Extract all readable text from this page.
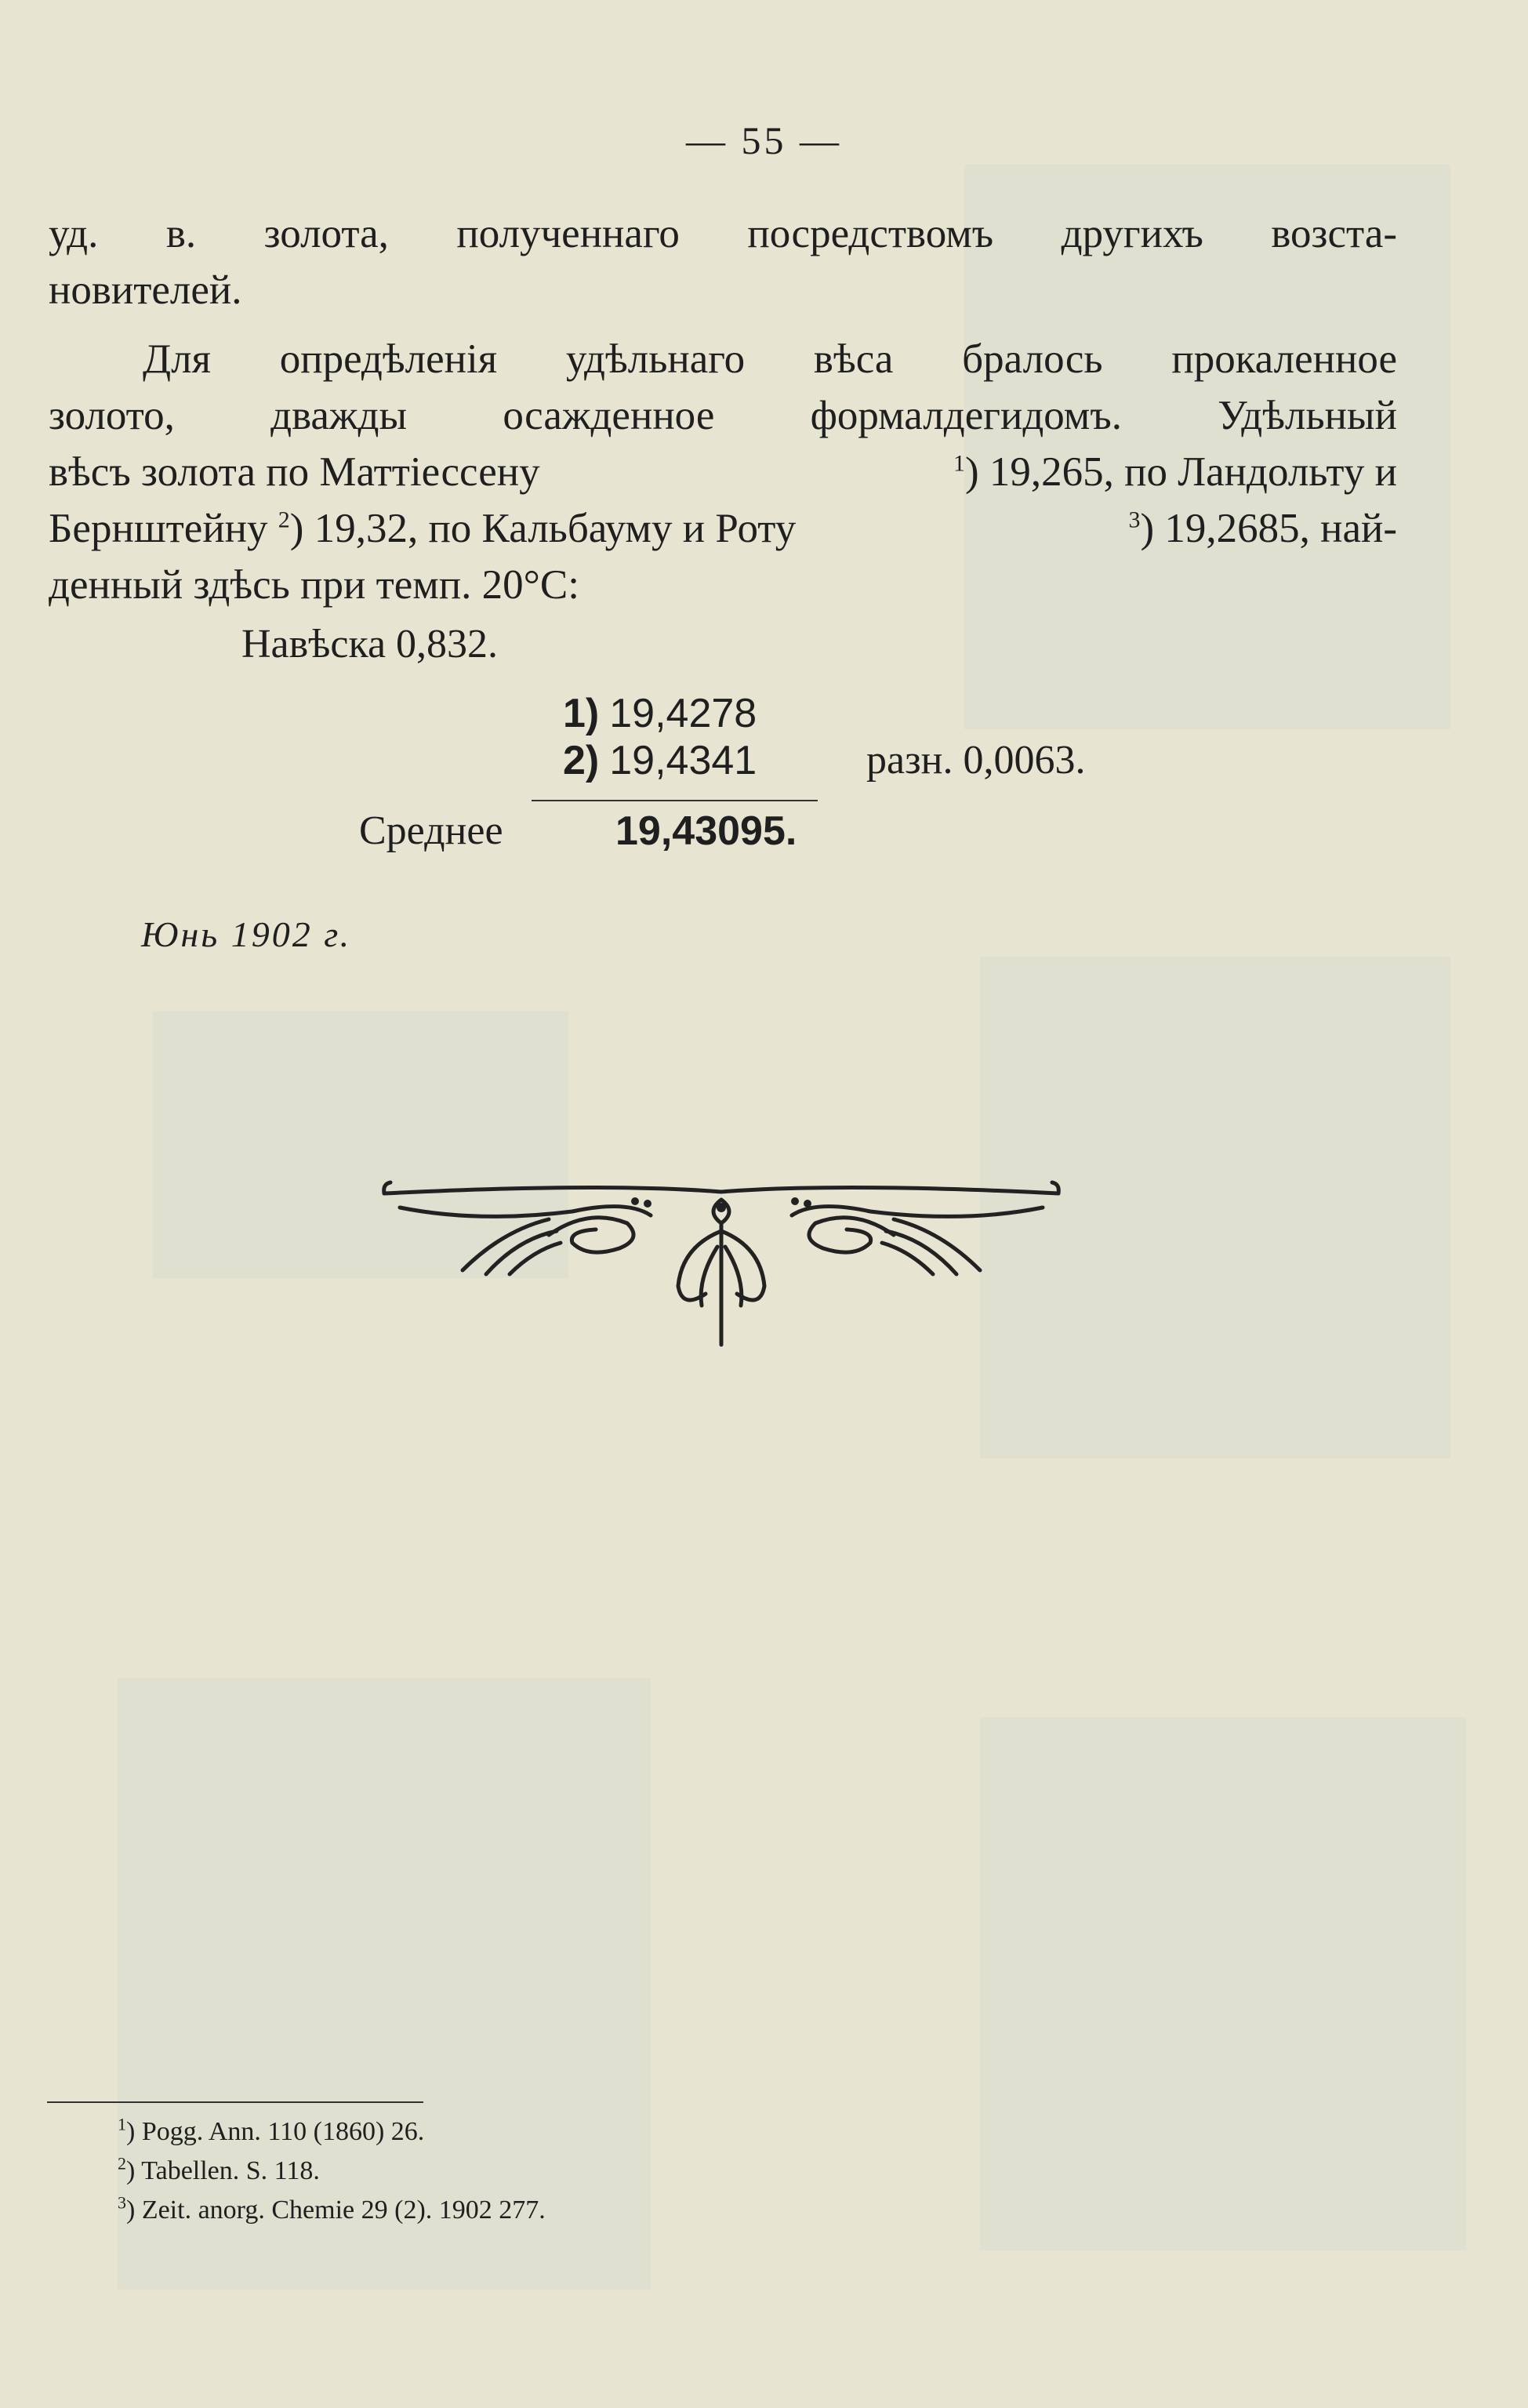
— 55 —
уд. в. золота, полученнаго посредствомъ другихъ возста-
новителей.
Для опредѣленія удѣльнаго вѣса бралось прокаленное
золото, дважды осажденное формалдегидомъ. Удѣльный
вѣсъ золота по Маттіессену	$^1$) 19,265, по Ландольту и
Бернштейну $^2$) 19,32, по Кальбауму и Роту	$^3$) 19,2685, най-
денный здѣсь при темп. 20°С:
Навѣска 0,832.
1) 19,4278
2) 19,4341	разн. 0,0063.
Среднее	19,43095.
Юнь 1902 г.
$^1$) Pogg. Ann. 110 (1860) 26.
$^2$) Tabellen. S. 118.
$^3$) Zeit. anorg. Chemie 29 (2). 1902 277.
